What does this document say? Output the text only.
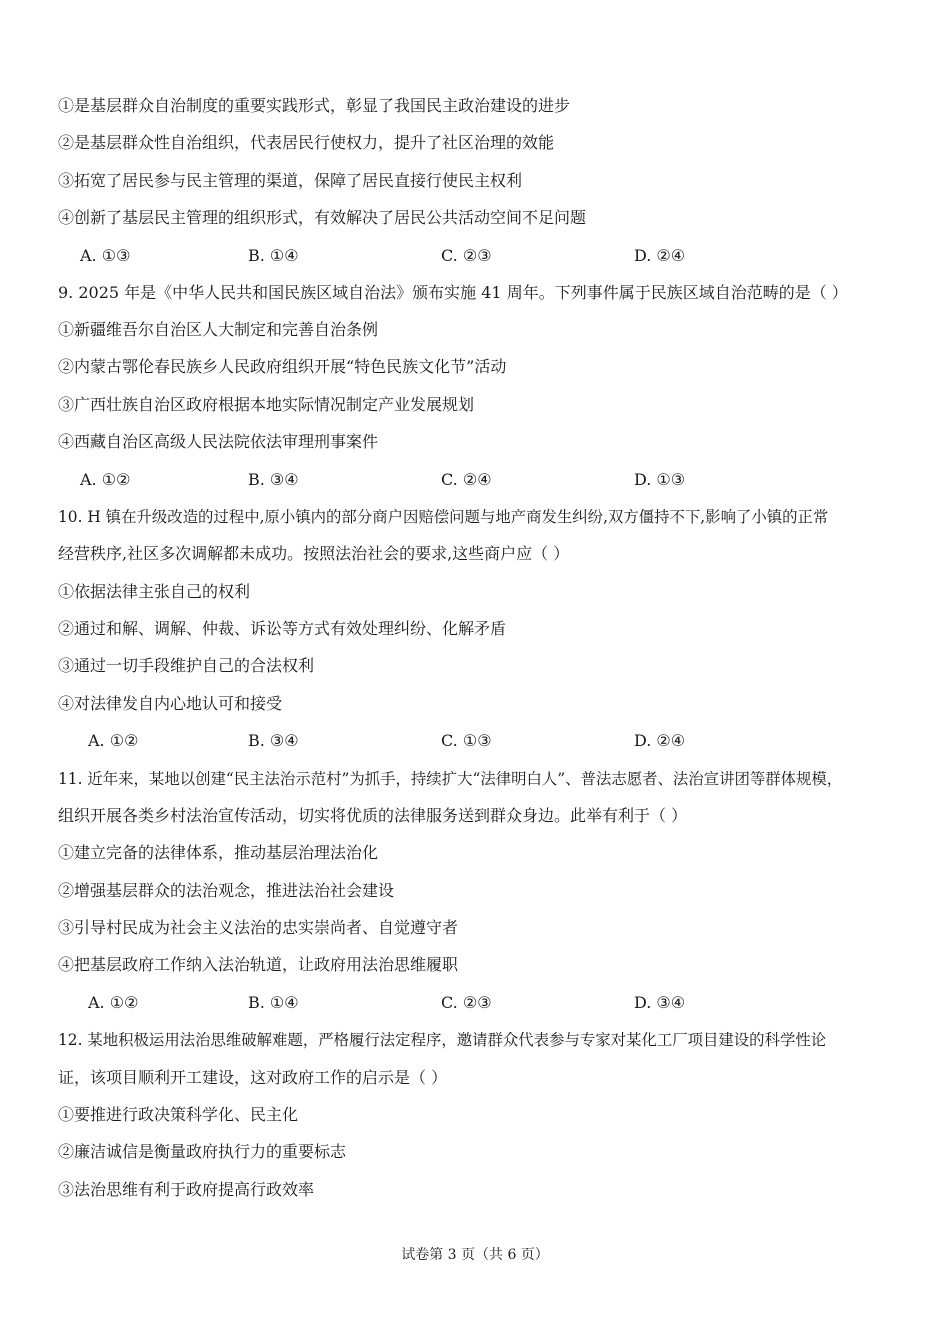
①是基层群众自治制度的重要实践形式，彰显了我国民主政治建设的进步
②是基层群众性自治组织，代表居民行使权力，提升了社区治理的效能
③拓宽了居民参与民主管理的渠道，保障了居民直接行使民主权利
④创新了基层民主管理的组织形式，有效解决了居民公共活动空间不足问题
A. ①③	B. ①④	C. ②③	D. ②④
9. 2025 年是《中华人民共和国民族区域自治法》颁布实施 41 周年。下列事件属于民族区域自治范畴的是（ ）
①新疆维吾尔自治区人大制定和完善自治条例
②内蒙古鄂伦春民族乡人民政府组织开展“特色民族文化节”活动
③广西壮族自治区政府根据本地实际情况制定产业发展规划
④西藏自治区高级人民法院依法审理刑事案件
A. ①②	B. ③④	C. ②④	D. ①③
10. H 镇在升级改造的过程中,原小镇内的部分商户因赔偿问题与地产商发生纠纷,双方僵持不下,影响了小镇的正常
经营秩序,社区多次调解都未成功。按照法治社会的要求,这些商户应（ ）
①依据法律主张自己的权利
②通过和解、调解、仲裁、诉讼等方式有效处理纠纷、化解矛盾
③通过一切手段维护自己的合法权利
④对法律发自内心地认可和接受
A. ①②	B. ③④	C. ①③	D. ②④
11. 近年来，某地以创建“民主法治示范村”为抓手，持续扩大“法律明白人”、普法志愿者、法治宣讲团等群体规模，
组织开展各类乡村法治宣传活动，切实将优质的法律服务送到群众身边。此举有利于（ ）
①建立完备的法律体系，推动基层治理法治化
②增强基层群众的法治观念，推进法治社会建设
③引导村民成为社会主义法治的忠实崇尚者、自觉遵守者
④把基层政府工作纳入法治轨道，让政府用法治思维履职
A. ①②	B. ①④	C. ②③	D. ③④
12. 某地积极运用法治思维破解难题，严格履行法定程序，邀请群众代表参与专家对某化工厂项目建设的科学性论
证，该项目顺利开工建设，这对政府工作的启示是（ ）
①要推进行政决策科学化、民主化
②廉洁诚信是衡量政府执行力的重要标志
③法治思维有利于政府提高行政效率
试卷第 3 页（共 6 页）
